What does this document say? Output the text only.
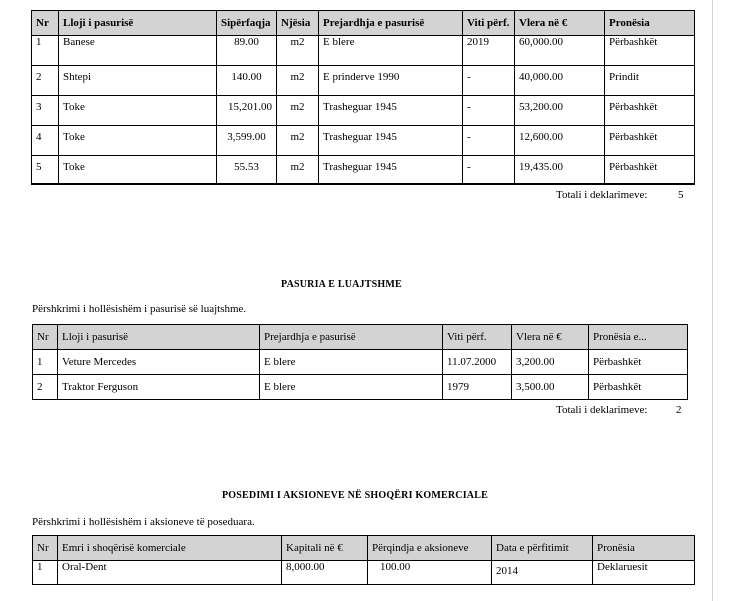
Nr	Lloji i pasurisë	Sipërfaqja	Njësia	Prejardhja e pasurisë	Viti përf.	Vlera në €	Pronësia
1	Banese	89.00	m2	E blere	2019	60,000.00	Përbashkët
2	Shtepi	140.00	m2	E prinderve 1990	-	40,000.00	Prindit
3	Toke	15,201.00	m2	Trasheguar 1945	-	53,200.00	Përbashkët
4	Toke	3,599.00	m2	Trasheguar 1945	-	12,600.00	Përbashkët
5	Toke	55.53	m2	Trasheguar 1945	-	19,435.00	Përbashkët
Totali i deklarimeve:	5
PASURIA E LUAJTSHME
Përshkrimi i hollësishëm i pasurisë së luajtshme.
Nr	Lloji i pasurisë	Prejardhja e pasurisë	Viti përf.	Vlera në €	Pronësia e...
1	Veture Mercedes	E blere	11.07.2000	3,200.00	Përbashkët
2	Traktor Ferguson	E blere	1979	3,500.00	Përbashkët
Totali i deklarimeve:	2
POSEDIMI I AKSIONEVE NË SHOQËRI KOMERCIALE
Përshkrimi i hollësishëm i aksioneve të poseduara.
Nr	Emri i shoqërisë komerciale	Kapitali në €	Përqindja e aksioneve	Data e përfitimit	Pronësia
1	Oral-Dent	8,000.00	100.00	2014	Deklaruesit
